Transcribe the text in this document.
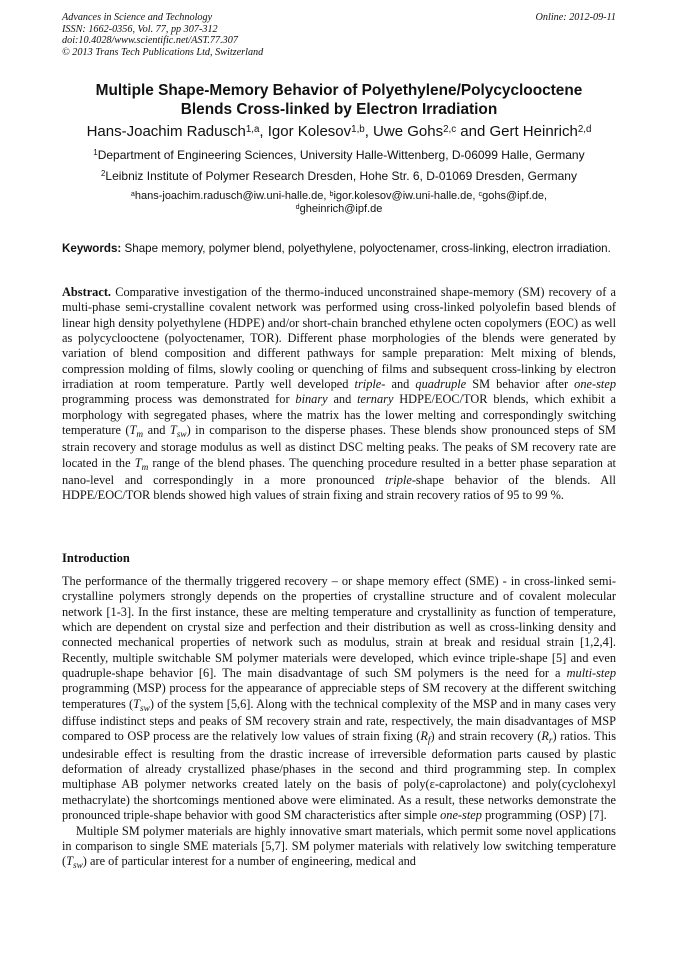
Advances in Science and Technology
ISSN: 1662-0356, Vol. 77, pp 307-312
doi:10.4028/www.scientific.net/AST.77.307
© 2013 Trans Tech Publications Ltd, Switzerland
Online: 2012-09-11
Multiple Shape-Memory Behavior of Polyethylene/Polycyclooctene
Blends Cross-linked by Electron Irradiation
Hans-Joachim Radusch$^{1,a}$, Igor Kolesov$^{1,b}$, Uwe Gohs$^{2,c}$ and Gert Heinrich$^{2,d}$
$^1$Department of Engineering Sciences, University Halle-Wittenberg, D-06099 Halle, Germany
$^2$Leibniz Institute of Polymer Research Dresden, Hohe Str. 6, D-01069 Dresden, Germany
$^a$hans-joachim.radusch@iw.uni-halle.de, $^b$igor.kolesov@iw.uni-halle.de, $^c$gohs@ipf.de,
$^d$gheinrich@ipf.de
Keywords: Shape memory, polymer blend, polyethylene, polyoctenamer, cross-linking, electron irradiation.

Abstract. Comparative investigation of the thermo-induced unconstrained shape-memory (SM) recovery of a multi-phase semi-crystalline covalent network was performed using cross-linked polyolefin based blends of linear high density polyethylene (HDPE) and/or short-chain branched ethylene octen copolymers (EOC) as well as polycyclooctene (polyoctenamer, TOR). Different phase morphologies of the blends were generated by variation of blend composition and different pathways for sample preparation: Melt mixing of blends, compression molding of films, slowly cooling or quenching of films and subsequent cross-linking by electron irradiation at room temperature. Partly well developed triple- and quadruple SM behavior after one-step programming process was demonstrated for binary and ternary HDPE/EOC/TOR blends, which exhibit a morphology with segregated phases, where the matrix has the lower melting and correspondingly switching temperature ($T_m$ and $T_{sw}$) in comparison to the disperse phases. These blends show pronounced steps of SM strain recovery and storage modulus as well as distinct DSC melting peaks. The peaks of SM recovery rate are located in the $T_m$ range of the blend phases. The quenching procedure resulted in a better phase separation at nano-level and correspondingly in a more pronounced triple-shape behavior of the blends. All HDPE/EOC/TOR blends showed high values of strain fixing and strain recovery ratios of 95 to 99 %.

Introduction

The performance of the thermally triggered recovery – or shape memory effect (SME) - in cross-linked semi-crystalline polymers strongly depends on the properties of crystalline structure and of covalent molecular network [1-3]. In the first instance, these are melting temperature and crystallinity as function of temperature, which are dependent on crystal size and perfection and their distribution as well as cross-linking density and connected mechanical properties of network such as modulus, strain at break and residual strain [1,2,4]. Recently, multiple switchable SM polymer materials were developed, which evince triple-shape [5] and even quadruple-shape behavior [6]. The main disadvantage of such SM polymers is the need for a multi-step programming (MSP) process for the appearance of appreciable steps of SM recovery at the different switching temperatures $(T_{sw})$ of the system [5,6]. Along with the technical complexity of the MSP and in many cases very diffuse indistinct steps and peaks of SM recovery strain and rate, respectively, the main disadvantages of MSP compared to OSP process are the relatively low values of strain fixing $(R_f)$ and strain recovery $(R_r)$ ratios. This undesirable effect is resulting from the drastic increase of irreversible deformation parts caused by plastic deformation of already crystallized phase/phases in the second and third programming step. In complex multiphase AB polymer networks created lately on the basis of poly(ε-caprolactone) and poly(cyclohexyl methacrylate) the shortcomings mentioned above were eliminated. As a result, these networks demonstrate the pronounced triple-shape behavior with good SM characteristics after simple one-step programming (OSP) [7].

Multiple SM polymer materials are highly innovative smart materials, which permit some novel applications in comparison to single SME materials [5,7]. SM polymer materials with relatively low switching temperature $(T_{sw})$ are of particular interest for a number of engineering, medical and
